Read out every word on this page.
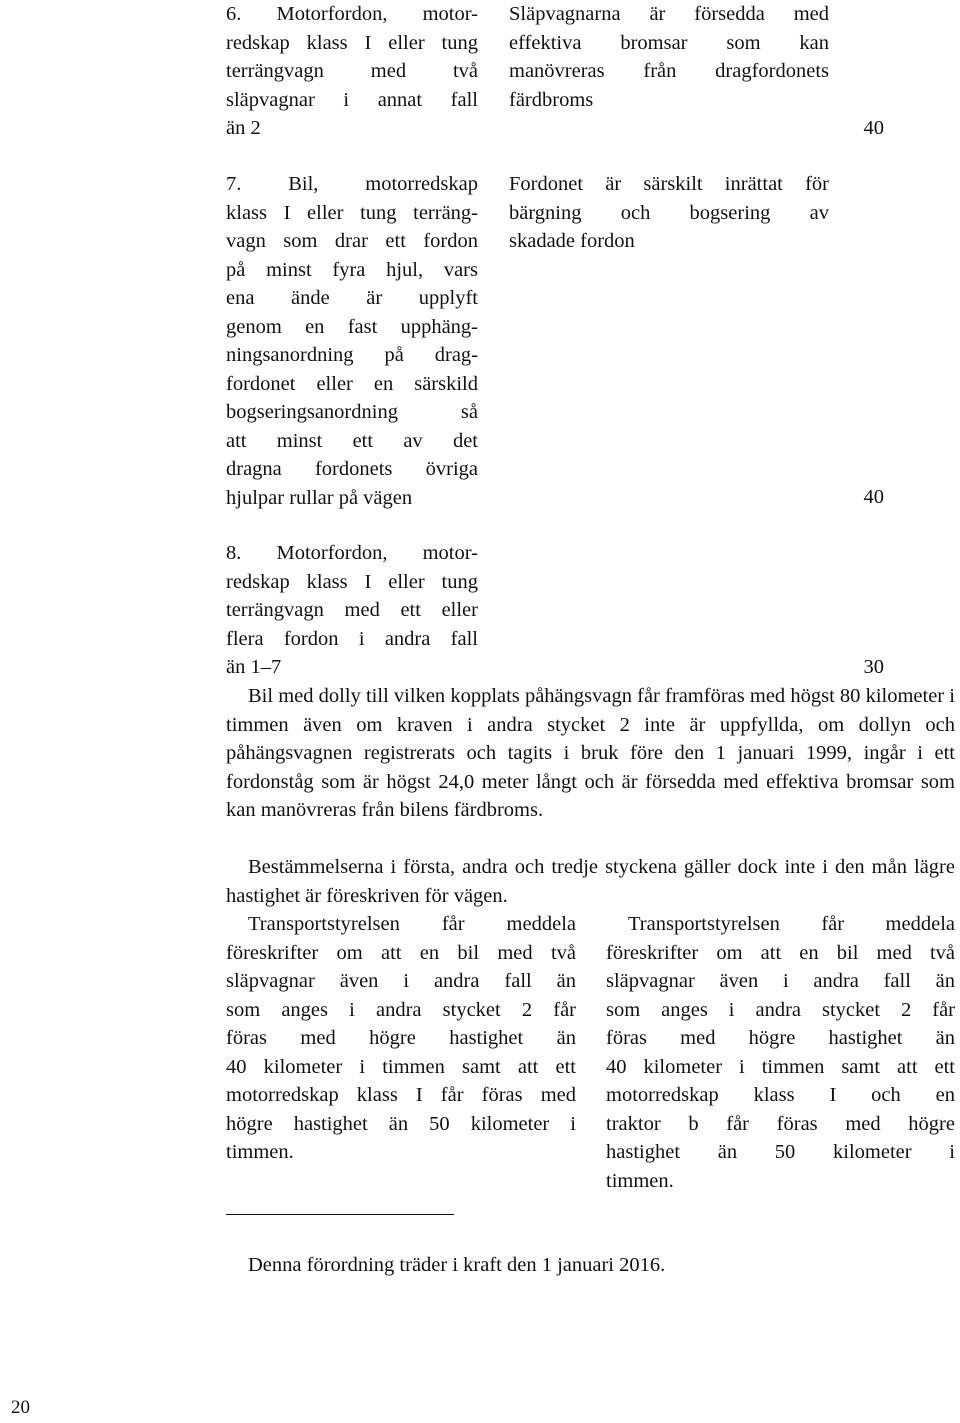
6. Motorfordon, motor-
redskap klass I eller tung
terrängvagn med två
släpvagnar i annat fall
än 2
Släpvagnarna är försedda med
effektiva bromsar som kan
manövreras från dragfordonets
färdbroms
40
7. Bil, motorredskap
klass I eller tung terräng-
vagn som drar ett fordon
på minst fyra hjul, vars
ena ände är upplyft
genom en fast upphäng-
ningsanordning på drag-
fordonet eller en särskild
bogseringsanordning så
att minst ett av det
dragna fordonets övriga
hjulpar rullar på vägen
Fordonet är särskilt inrättat för
bärgning och bogsering av
skadade fordon
40
8. Motorfordon, motor-
redskap klass I eller tung
terrängvagn med ett eller
flera fordon i andra fall
än 1–7	30
Bil med dolly till vilken kopplats påhängsvagn får framföras med högst 80 kilometer i timmen även om kraven i andra stycket 2 inte är uppfyllda, om dollyn och påhängsvagnen registrerats och tagits i bruk före den 1 januari 1999, ingår i ett fordonståg som är högst 24,0 meter långt och är försedda med effektiva bromsar som kan manövreras från bilens färdbroms.
Bestämmelserna i första, andra och tredje styckena gäller dock inte i den mån lägre hastighet är föreskriven för vägen.
Transportstyrelsen får meddela
föreskrifter om att en bil med två
släpvagnar även i andra fall än
som anges i andra stycket 2 får
föras med högre hastighet än
40 kilometer i timmen samt att ett
motorredskap klass I får föras med
högre hastighet än 50 kilometer i
timmen.
Transportstyrelsen får meddela
föreskrifter om att en bil med två
släpvagnar även i andra fall än
som anges i andra stycket 2 får
föras med högre hastighet än
40 kilometer i timmen samt att ett
motorredskap klass I och en
traktor b får föras med högre
hastighet än 50 kilometer i
timmen.
Denna förordning träder i kraft den 1 januari 2016.
20
